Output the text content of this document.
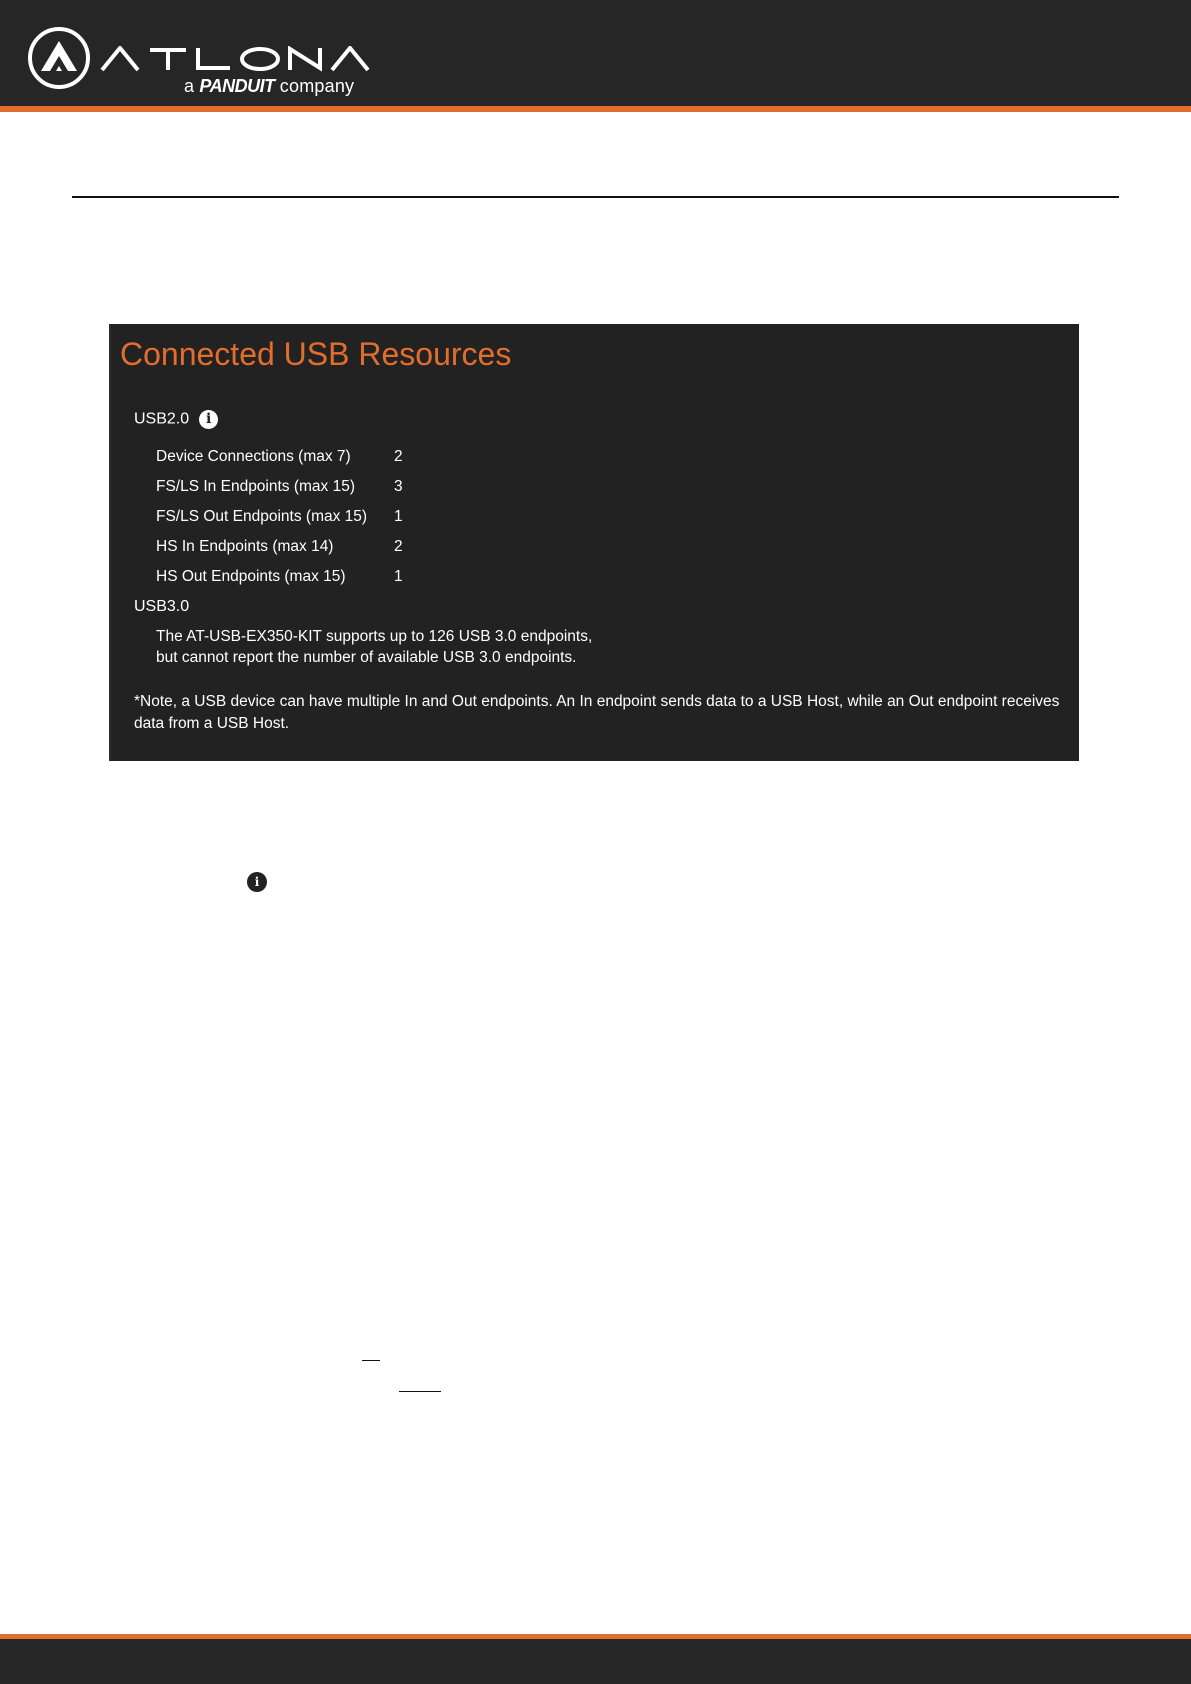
a PANDUIT company
Connected USB Resources
USB2.0 i
Device Connections (max 7)	2
FS/LS In Endpoints (max 15)	3
FS/LS Out Endpoints (max 15) 1
HS In Endpoints (max 14)	2
HS Out Endpoints (max 15)	1
USB3.0
The AT-USB-EX350-KIT supports up to 126 USB 3.0 endpoints,
but cannot report the number of available USB 3.0 endpoints.
*Note, a USB device can have multiple In and Out endpoints. An In endpoint sends data to a USB Host, while an Out endpoint receives
data from a USB Host.
i
